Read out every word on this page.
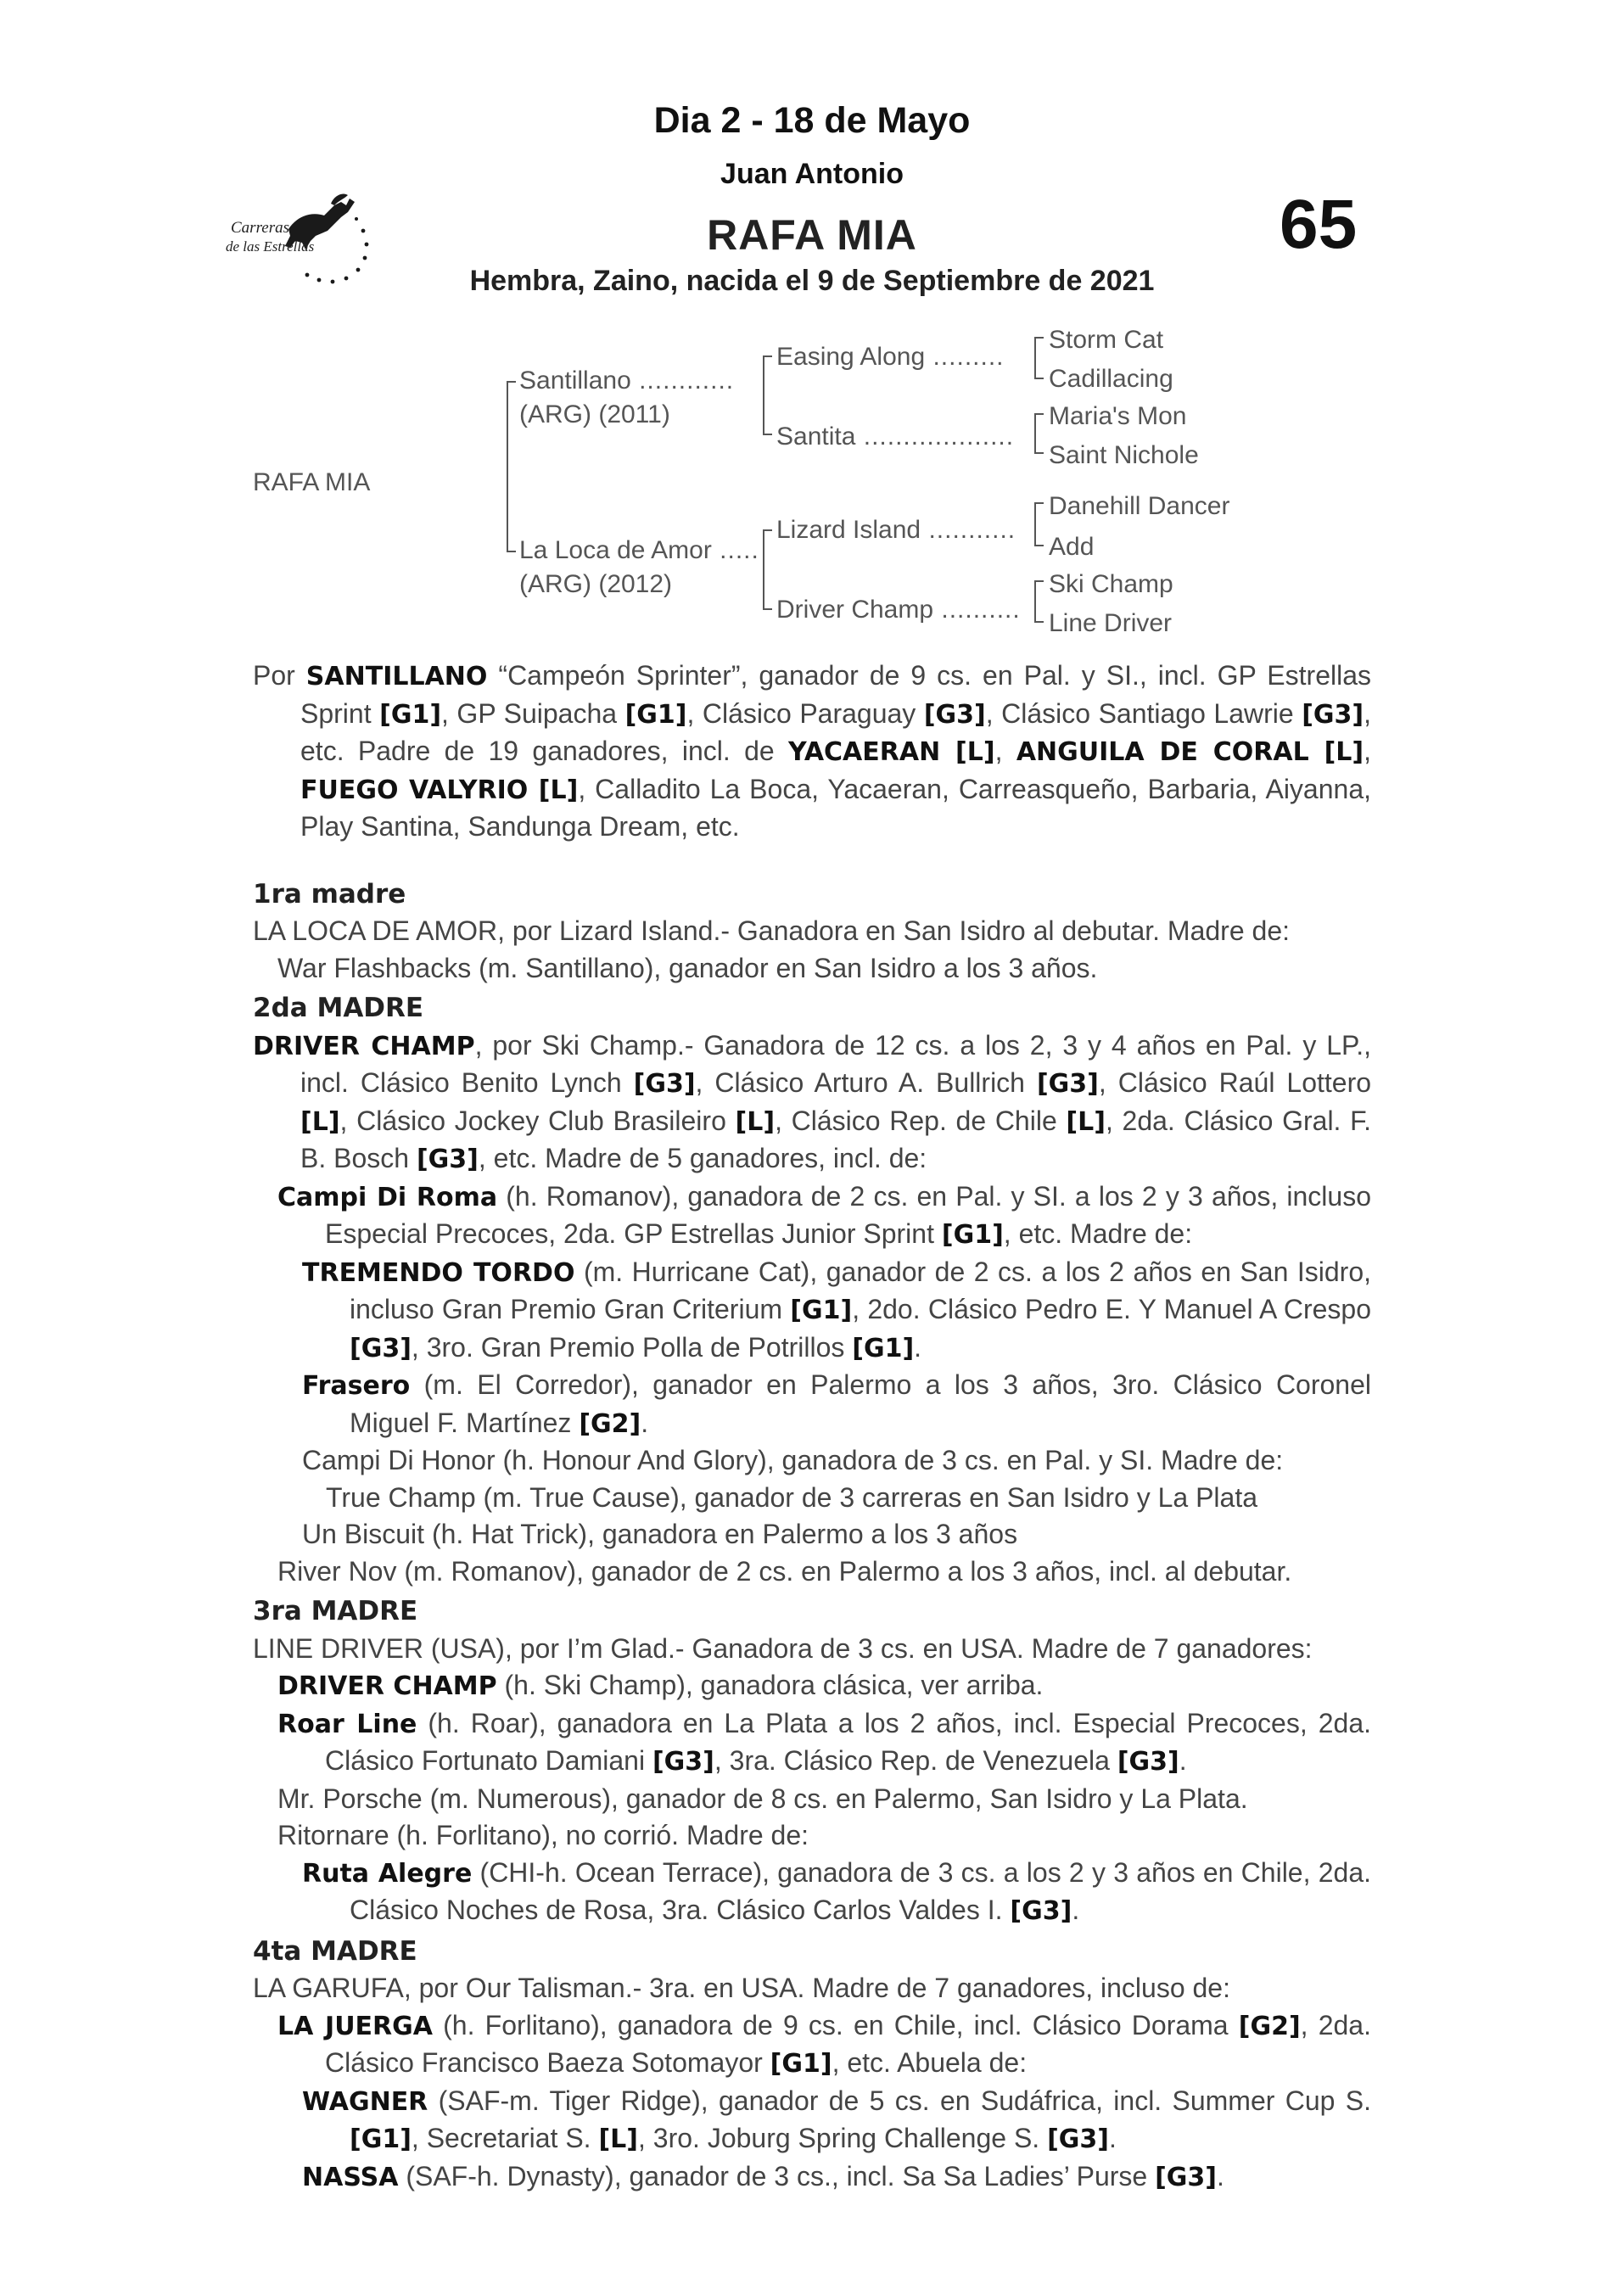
Dia 2 - 18 de Mayo
Juan Antonio
RAFA MIA	65
Hembra, Zaino, nacida el 9 de Septiembre de 2021
Carreras
de las Estrellas
RAFA MIA
Santillano ............
(ARG) (2011)
La Loca de Amor .....
(ARG) (2012)
Easing Along .........
Santita ...................
Lizard Island ...........
Driver Champ ..........
Storm Cat
Cadillacing
Maria's Mon
Saint Nichole
Danehill Dancer
Add
Ski Champ
Line Driver

Por SANTILLANO “Campeón Sprinter”, ganador de 9 cs. en Pal. y SI., incl. GP Estrellas Sprint [G1], GP Suipacha [G1], Clásico Paraguay [G3], Clásico Santiago Lawrie [G3], etc. Padre de 19 ganadores, incl. de YACAERAN [L], ANGUILA DE CORAL [L], FUEGO VALYRIO [L], Calladito La Boca, Yacaeran, Carreasqueño, Barbaria, Aiyanna, Play Santina, Sandunga Dream, etc.

1ra madre

LA LOCA DE AMOR, por Lizard Island.- Ganadora en San Isidro al debutar. Madre de:

War Flashbacks (m. Santillano), ganador en San Isidro a los 3 años.

2da MADRE

DRIVER CHAMP, por Ski Champ.- Ganadora de 12 cs. a los 2, 3 y 4 años en Pal. y LP., incl. Clásico Benito Lynch [G3], Clásico Arturo A. Bullrich [G3], Clásico Raúl Lottero [L], Clásico Jockey Club Brasileiro [L], Clásico Rep. de Chile [L], 2da. Clásico Gral. F. B. Bosch [G3], etc. Madre de 5 ganadores, incl. de:

Campi Di Roma (h. Romanov), ganadora de 2 cs. en Pal. y SI. a los 2 y 3 años, incluso Especial Precoces, 2da. GP Estrellas Junior Sprint [G1], etc. Madre de:

TREMENDO TORDO (m. Hurricane Cat), ganador de 2 cs. a los 2 años en San Isidro, incluso Gran Premio Gran Criterium [G1], 2do. Clásico Pedro E. Y Manuel A Crespo [G3], 3ro. Gran Premio Polla de Potrillos [G1].

Frasero (m. El Corredor), ganador en Palermo a los 3 años, 3ro. Clásico Coronel Miguel F. Martínez [G2].

Campi Di Honor (h. Honour And Glory), ganadora de 3 cs. en Pal. y SI. Madre de:

True Champ (m. True Cause), ganador de 3 carreras en San Isidro y La Plata

Un Biscuit (h. Hat Trick), ganadora en Palermo a los 3 años

River Nov (m. Romanov), ganador de 2 cs. en Palermo a los 3 años, incl. al debutar.

3ra MADRE

LINE DRIVER (USA), por I’m Glad.- Ganadora de 3 cs. en USA. Madre de 7 ganadores:

DRIVER CHAMP (h. Ski Champ), ganadora clásica, ver arriba.

Roar Line (h. Roar), ganadora en La Plata a los 2 años, incl. Especial Precoces, 2da. Clásico Fortunato Damiani [G3], 3ra. Clásico Rep. de Venezuela [G3].

Mr. Porsche (m. Numerous), ganador de 8 cs. en Palermo, San Isidro y La Plata.

Ritornare (h. Forlitano), no corrió. Madre de:

Ruta Alegre (CHI-h. Ocean Terrace), ganadora de 3 cs. a los 2 y 3 años en Chile, 2da. Clásico Noches de Rosa, 3ra. Clásico Carlos Valdes I. [G3].

4ta MADRE

LA GARUFA, por Our Talisman.- 3ra. en USA. Madre de 7 ganadores, incluso de:

LA JUERGA (h. Forlitano), ganadora de 9 cs. en Chile, incl. Clásico Dorama [G2], 2da. Clásico Francisco Baeza Sotomayor [G1], etc. Abuela de:

WAGNER (SAF-m. Tiger Ridge), ganador de 5 cs. en Sudáfrica, incl. Summer Cup S. [G1], Secretariat S. [L], 3ro. Joburg Spring Challenge S. [G3].

NASSA (SAF-h. Dynasty), ganador de 3 cs., incl. Sa Sa Ladies’ Purse [G3].
